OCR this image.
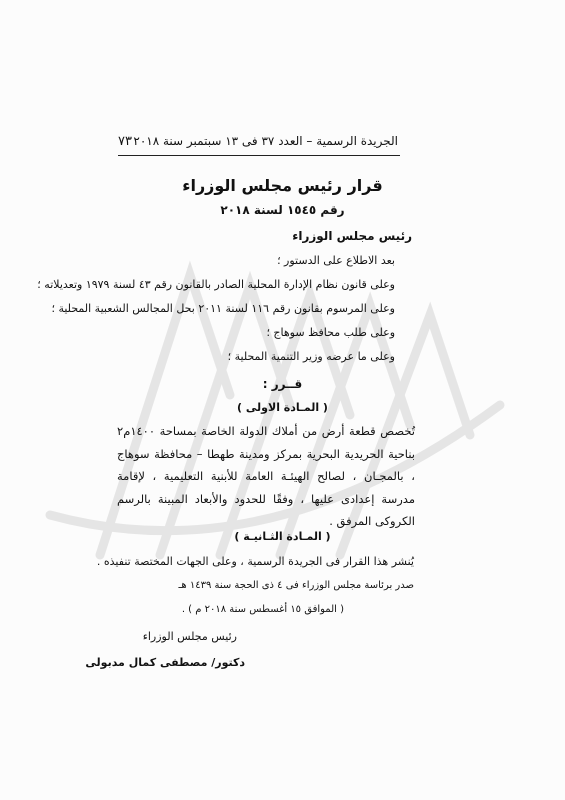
٧٣ الجريدة الرسمية – العدد ٣٧ فى ١٣ سبتمبر سنة ٢٠١٨
قرار رئيس مجلس الوزراء
رقم ١٥٤٥ لسنة ٢٠١٨
رئيس مجلس الوزراء
بعد الاطلاع على الدستور ؛
وعلى قانون نظام الإدارة المحلية الصادر بالقانون رقم ٤٣ لسنة ١٩٧٩ وتعديلاته ؛
وعلى المرسوم بقانون رقم ١١٦ لسنة ٢٠١١ بحل المجالس الشعبية المحلية ؛
وعلى طلب محافظ سوهاج ؛
وعلى ما عرضه وزير التنمية المحلية ؛
قــرر :
( المـادة الاولى )
تُخصص قطعة أرض من أملاك الدولة الخاصة بمساحة ١٤٠٠م٢ بناحية الحريدية البحرية بمركز ومدينة طهطا – محافظة سوهاج ، بالمجـان ، لصالح الهيئـة العامة للأبنية التعليمية ، لإقامة مدرسة إعدادى عليها ، وفقًا للحدود والأبعاد المبينة بالرسم الكروكى المرفق .
( المـادة الثـانيـة )
يُنشر هذا القرار فى الجريدة الرسمية ، وعلى الجهات المختصة تنفيذه .
صدر برئاسة مجلس الوزراء فى ٤ ذى الحجة سنة ١٤٣٩ هـ
( الموافق ١٥ أغسطس سنة ٢٠١٨ م ) .
رئيس مجلس الوزراء
دكتور/ مصطفى كمال مدبولى
